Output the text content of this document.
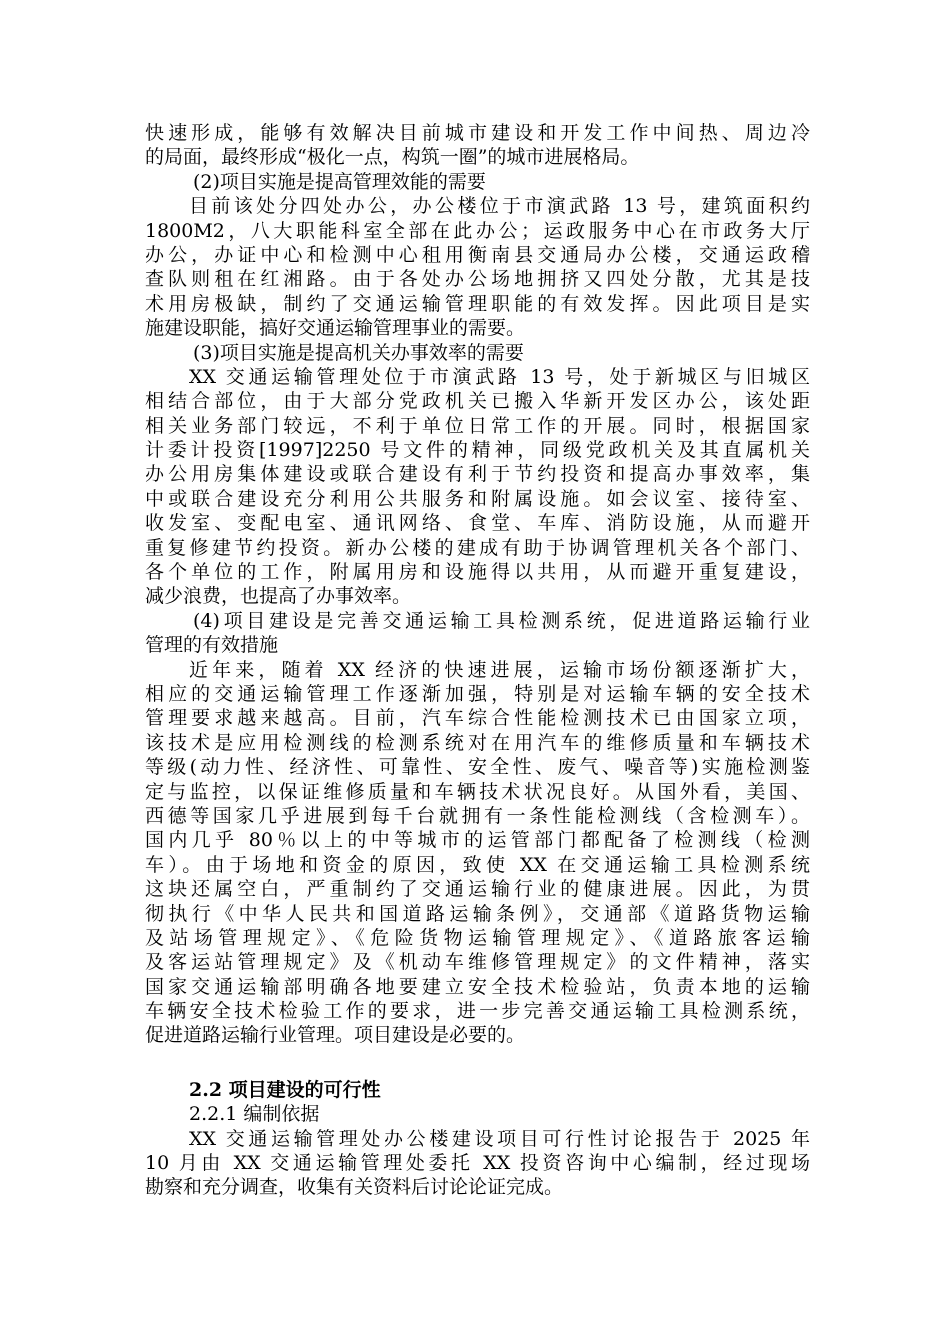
快速形成，能够有效解决目前城市建设和开发工作中间热、周边冷
的局面，最终形成“极化一点，构筑一圈”的城市进展格局。
(2)项目实施是提高管理效能的需要
目前该处分四处办公，办公楼位于市演武路 13 号，建筑面积约
1800M2，八大职能科室全部在此办公；运政服务中心在市政务大厅
办公，办证中心和检测中心租用衡南县交通局办公楼，交通运政稽
查队则租在红湘路。由于各处办公场地拥挤又四处分散，尤其是技
术用房极缺，制约了交通运输管理职能的有效发挥。因此项目是实
施建设职能，搞好交通运输管理事业的需要。
(3)项目实施是提高机关办事效率的需要
XX 交通运输管理处位于市演武路 13 号，处于新城区与旧城区
相结合部位，由于大部分党政机关已搬入华新开发区办公，该处距
相关业务部门较远，不利于单位日常工作的开展。同时，根据国家
计委计投资[1997]2250 号文件的精神，同级党政机关及其直属机关
办公用房集体建设或联合建设有利于节约投资和提高办事效率，集
中或联合建设充分利用公共服务和附属设施。如会议室、接待室、
收发室、变配电室、通讯网络、食堂、车库、消防设施，从而避开
重复修建节约投资。新办公楼的建成有助于协调管理机关各个部门、
各个单位的工作，附属用房和设施得以共用，从而避开重复建设，
减少浪费，也提高了办事效率。
(4)项目建设是完善交通运输工具检测系统，促进道路运输行业
管理的有效措施
近年来，随着 XX 经济的快速进展，运输市场份额逐渐扩大，
相应的交通运输管理工作逐渐加强，特别是对运输车辆的安全技术
管理要求越来越高。目前，汽车综合性能检测技术已由国家立项，
该技术是应用检测线的检测系统对在用汽车的维修质量和车辆技术
等级(动力性、经济性、可靠性、安全性、废气、噪音等)实施检测鉴
定与监控，以保证维修质量和车辆技术状况良好。从国外看，美国、
西德等国家几乎进展到每千台就拥有一条性能检测线（含检测车）。
国内几乎 80％以上的中等城市的运管部门都配备了检测线（检测
车）。由于场地和资金的原因，致使 XX 在交通运输工具检测系统
这块还属空白，严重制约了交通运输行业的健康进展。因此，为贯
彻执行《中华人民共和国道路运输条例》，交通部《道路货物运输
及站场管理规定》、《危险货物运输管理规定》、《道路旅客运输
及客运站管理规定》及《机动车维修管理规定》的文件精神，落实
国家交通运输部明确各地要建立安全技术检验站，负责本地的运输
车辆安全技术检验工作的要求，进一步完善交通运输工具检测系统，
促进道路运输行业管理。项目建设是必要的。
2.2 项目建设的可行性
2.2.1 编制依据
XX 交通运输管理处办公楼建设项目可行性讨论报告于 2025 年
10 月由 XX 交通运输管理处委托 XX 投资咨询中心编制，经过现场
勘察和充分调查，收集有关资料后讨论论证完成。
